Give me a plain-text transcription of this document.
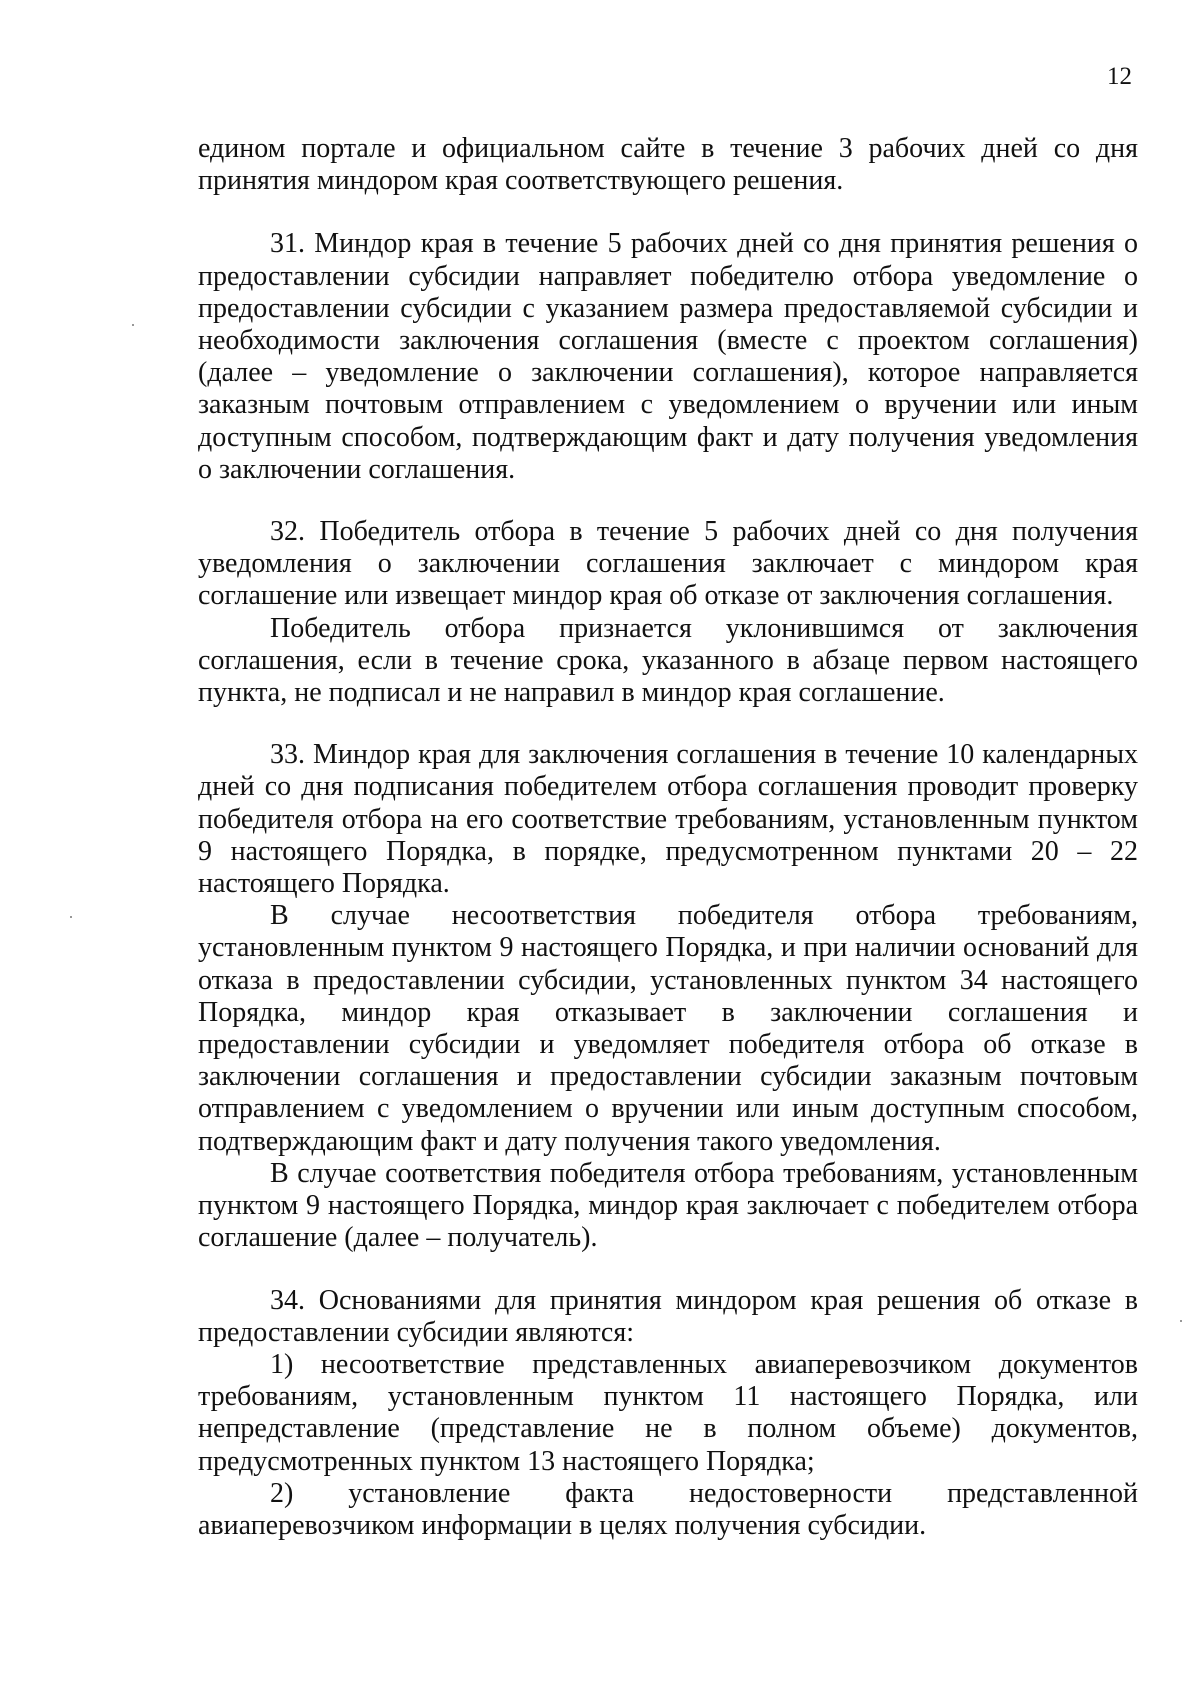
12

едином портале и официальном сайте в течение 3 рабочих дней со дня принятия миндором края соответствующего решения.

31. Миндор края в течение 5 рабочих дней со дня принятия решения о предоставлении субсидии направляет победителю отбора уведомление о предоставлении субсидии с указанием размера предоставляемой субсидии и необходимости заключения соглашения (вместе с проектом соглашения) (далее – уведомление о заключении соглашения), которое направляется заказным почтовым отправлением с уведомлением о вручении или иным доступным способом, подтверждающим факт и дату получения уведомления о заключении соглашения.

32. Победитель отбора в течение 5 рабочих дней со дня получения уведомления о заключении соглашения заключает с миндором края соглашение или извещает миндор края об отказе от заключения соглашения.

Победитель отбора признается уклонившимся от заключения соглашения, если в течение срока, указанного в абзаце первом настоящего пункта, не подписал и не направил в миндор края соглашение.

33. Миндор края для заключения соглашения в течение 10 календарных дней со дня подписания победителем отбора соглашения проводит проверку победителя отбора на его соответствие требованиям, установленным пунктом 9 настоящего Порядка, в порядке, предусмотренном пунктами 20 – 22 настоящего Порядка.

В случае несоответствия победителя отбора требованиям, установленным пунктом 9 настоящего Порядка, и при наличии оснований для отказа в предоставлении субсидии, установленных пунктом 34 настоящего Порядка, миндор края отказывает в заключении соглашения и предоставлении субсидии и уведомляет победителя отбора об отказе в заключении соглашения и предоставлении субсидии заказным почтовым отправлением с уведомлением о вручении или иным доступным способом, подтверждающим факт и дату получения такого уведомления.

В случае соответствия победителя отбора требованиям, установленным пунктом 9 настоящего Порядка, миндор края заключает с победителем отбора соглашение (далее – получатель).

34. Основаниями для принятия миндором края решения об отказе в предоставлении субсидии являются:

1) несоответствие представленных авиаперевозчиком документов требованиям, установленным пунктом 11 настоящего Порядка, или непредставление (представление не в полном объеме) документов, предусмотренных пунктом 13 настоящего Порядка;

2) установление факта недостоверности представленной авиаперевозчиком информации в целях получения субсидии.
